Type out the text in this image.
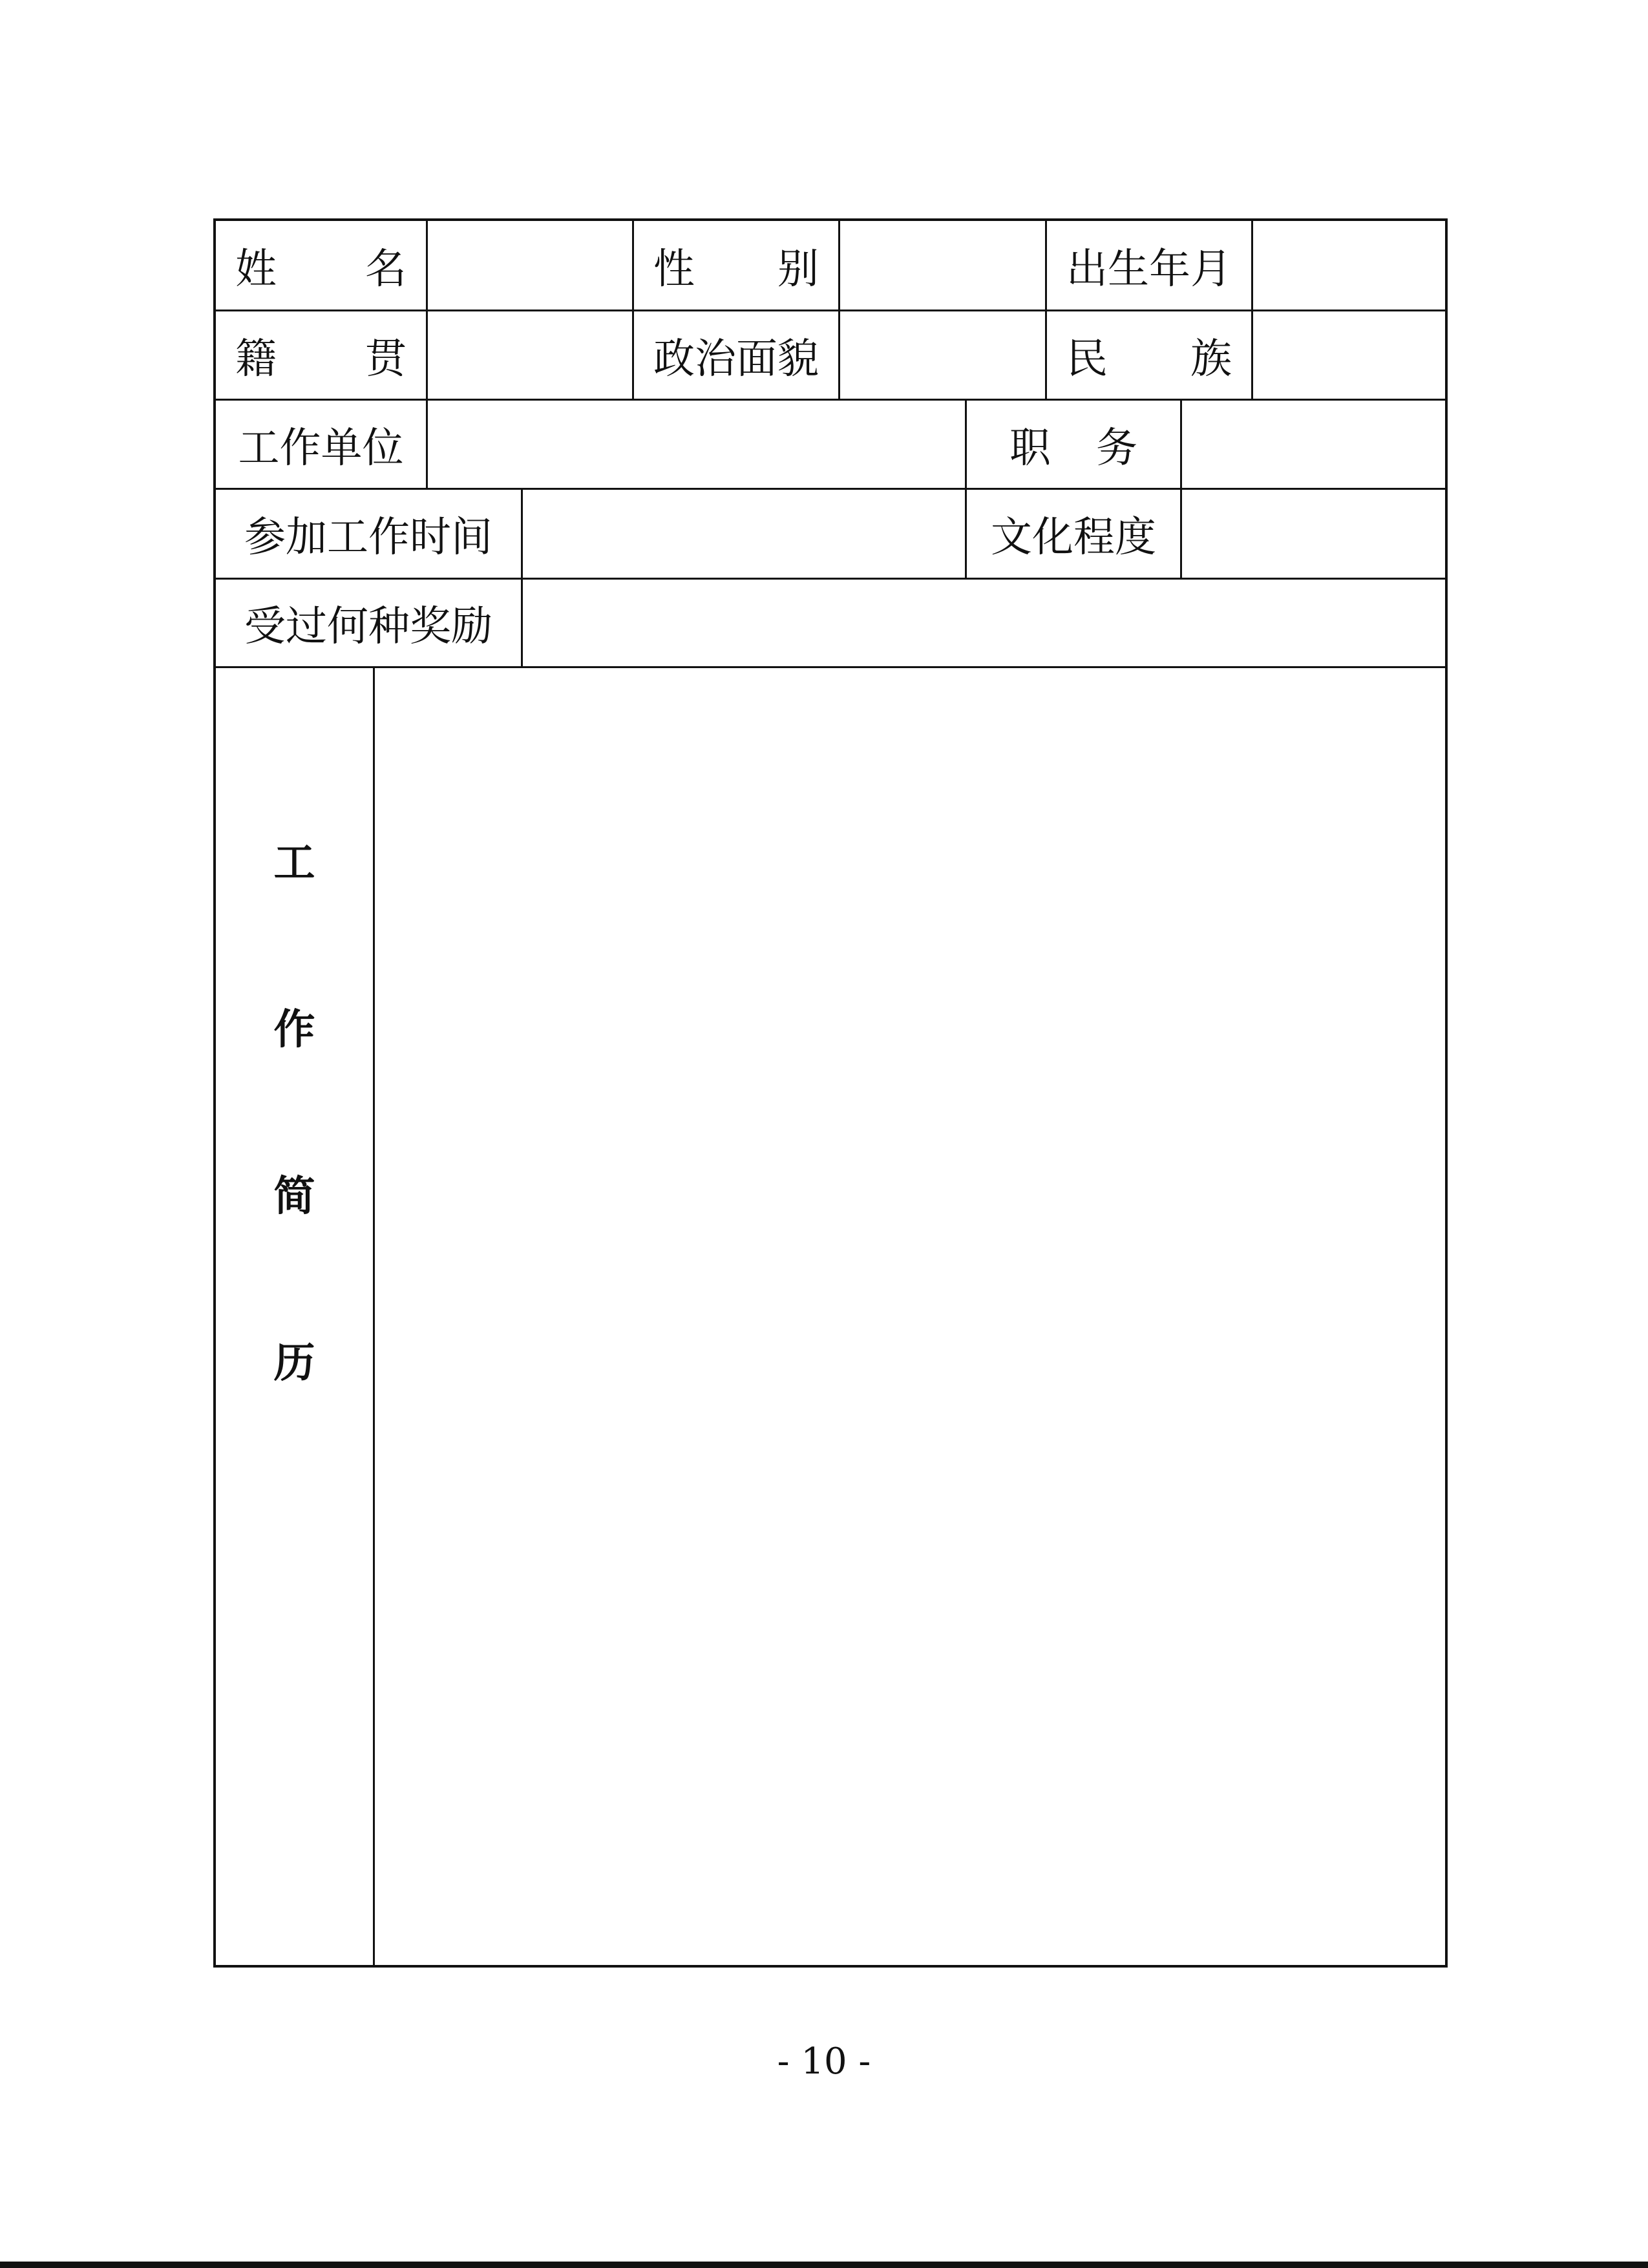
姓 名	性 别	出生年月
籍 贯	政治面貌	民 族
工作单位	职 务
参加工作时间	文化程度
受过何种奖励
工
作
简
历
- 10 -
